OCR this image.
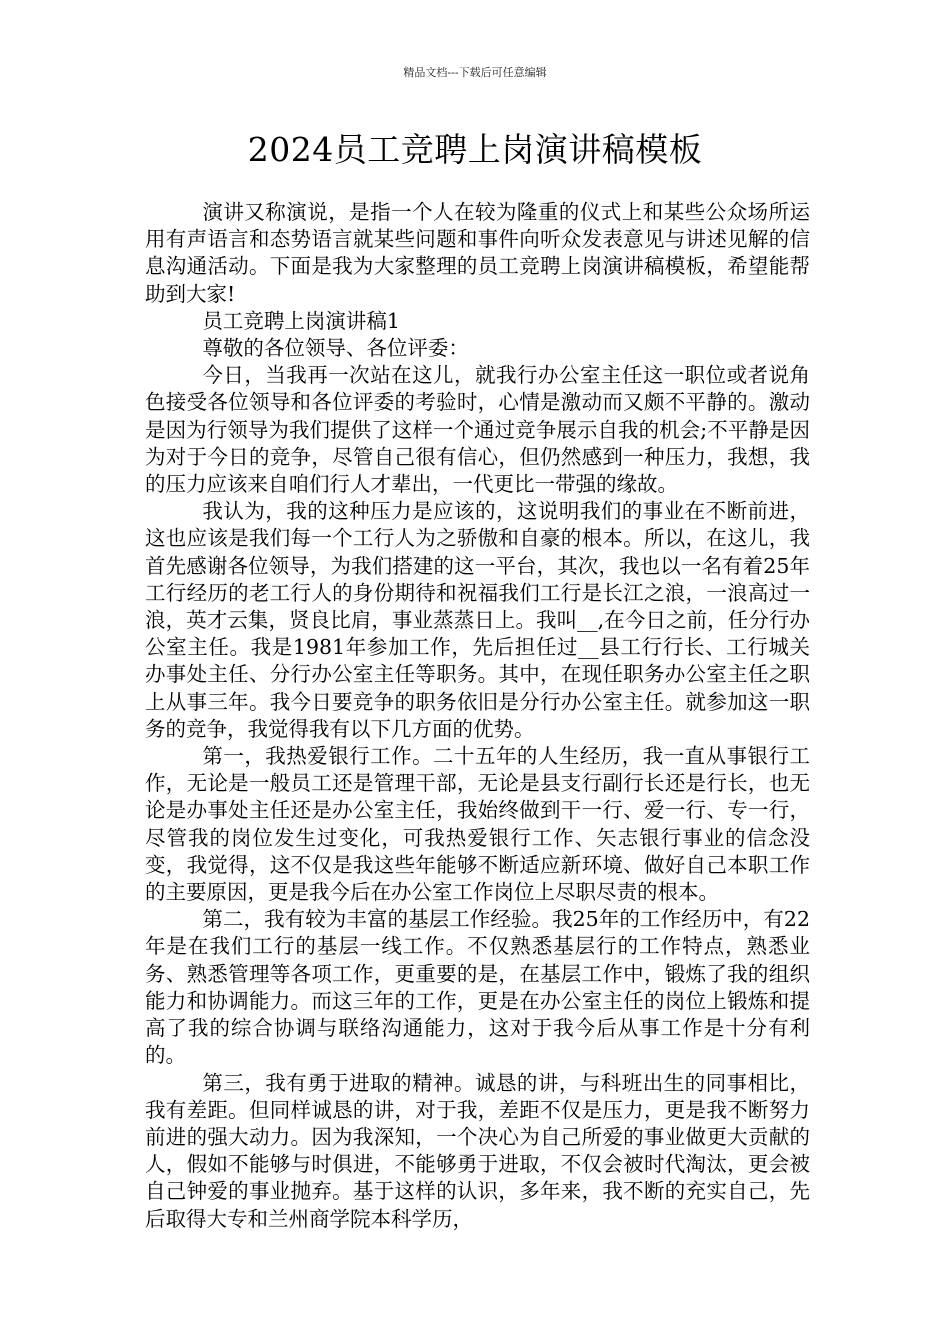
精品文档---下载后可任意编辑
2024员工竞聘上岗演讲稿模板

演讲又称演说，是指一个人在较为隆重的仪式上和某些公众场所运用有声语言和态势语言就某些问题和事件向听众发表意见与讲述见解的信息沟通活动。下面是我为大家整理的员工竞聘上岗演讲稿模板，希望能帮助到大家!

员工竞聘上岗演讲稿1

尊敬的各位领导、各位评委：

今日，当我再一次站在这儿，就我行办公室主任这一职位或者说角色接受各位领导和各位评委的考验时，心情是激动而又颇不平静的。激动是因为行领导为我们提供了这样一个通过竞争展示自我的机会;不平静是因为对于今日的竞争，尽管自己很有信心，但仍然感到一种压力，我想，我的压力应该来自咱们行人才辈出，一代更比一带强的缘故。

我认为，我的这种压力是应该的，这说明我们的事业在不断前进，这也应该是我们每一个工行人为之骄傲和自豪的根本。所以，在这儿，我首先感谢各位领导，为我们搭建的这一平台，其次，我也以一名有着25年工行经历的老工行人的身份期待和祝福我们工行是长江之浪，一浪高过一浪，英才云集，贤良比肩，事业蒸蒸日上。我叫__,在今日之前，任分行办公室主任。我是1981年参加工作，先后担任过__县工行行长、工行城关办事处主任、分行办公室主任等职务。其中，在现任职务办公室主任之职上从事三年。我今日要竞争的职务依旧是分行办公室主任。就参加这一职务的竞争，我觉得我有以下几方面的优势。

第一，我热爱银行工作。二十五年的人生经历，我一直从事银行工作，无论是一般员工还是管理干部，无论是县支行副行长还是行长，也无论是办事处主任还是办公室主任，我始终做到干一行、爱一行、专一行，尽管我的岗位发生过变化，可我热爱银行工作、矢志银行事业的信念没变，我觉得，这不仅是我这些年能够不断适应新环境、做好自己本职工作的主要原因，更是我今后在办公室工作岗位上尽职尽责的根本。

第二，我有较为丰富的基层工作经验。我25年的工作经历中，有22年是在我们工行的基层一线工作。不仅熟悉基层行的工作特点，熟悉业务、熟悉管理等各项工作，更重要的是，在基层工作中，锻炼了我的组织能力和协调能力。而这三年的工作，更是在办公室主任的岗位上锻炼和提高了我的综合协调与联络沟通能力，这对于我今后从事工作是十分有利的。

第三，我有勇于进取的精神。诚恳的讲，与科班出生的同事相比，我有差距。但同样诚恳的讲，对于我，差距不仅是压力，更是我不断努力前进的强大动力。因为我深知，一个决心为自己所爱的事业做更大贡献的人，假如不能够与时俱进，不能够勇于进取，不仅会被时代淘汰，更会被自己钟爱的事业抛弃。基于这样的认识，多年来，我不断的充实自己，先后取得大专和兰州商学院本科学历，
